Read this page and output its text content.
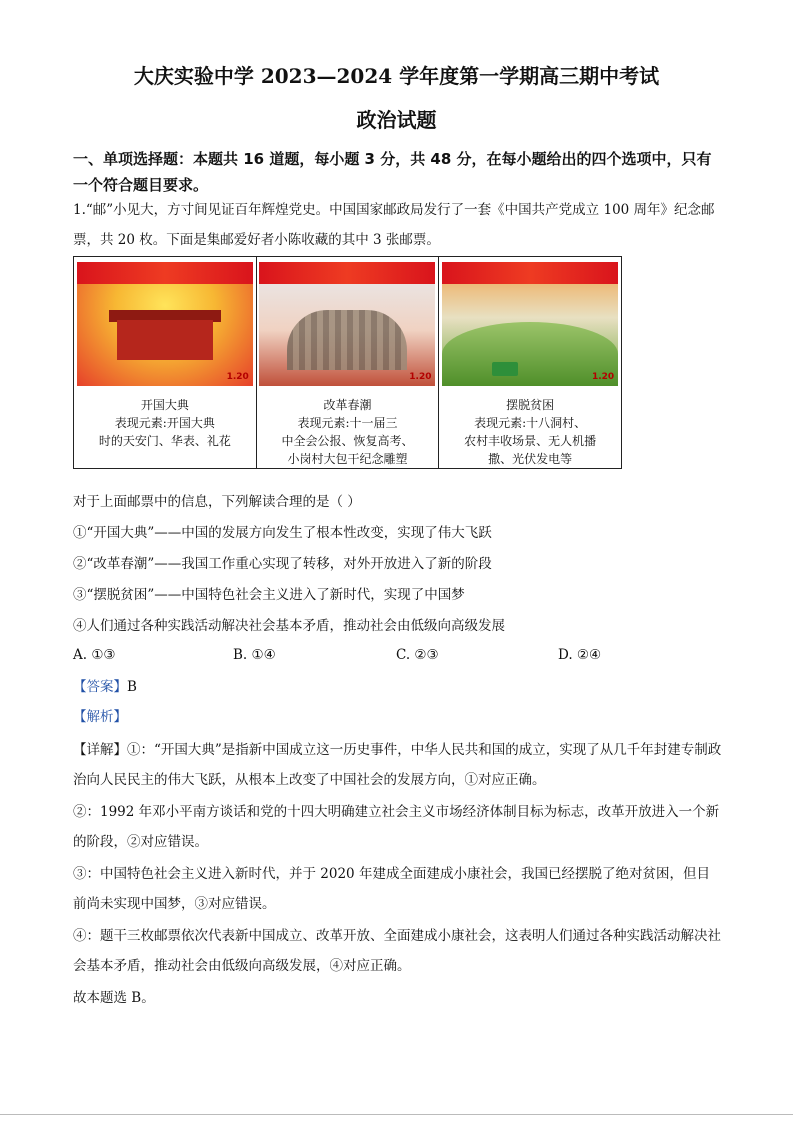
大庆实验中学 2023—2024 学年度第一学期高三期中考试
政治试题
一、单项选择题：本题共 16 道题，每小题 3 分，共 48 分，在每小题给出的四个选项中，只有一个符合题目要求。
1.“邮”小见大，方寸间见证百年辉煌党史。中国国家邮政局发行了一套《中国共产党成立 100 周年》纪念邮票，共 20 枚。下面是集邮爱好者小陈收藏的其中 3 张邮票。
1.20
开国大典
表现元素:开国大典
时的天安门、华表、礼花

1.20
改革春潮
表现元素:十一届三
中全会公报、恢复高考、
小岗村大包干纪念雕塑

1.20
摆脱贫困
表现元素:十八洞村、
农村丰收场景、无人机播
撒、光伏发电等
对于上面邮票中的信息，下列解读合理的是（ ）
①“开国大典”——中国的发展方向发生了根本性改变，实现了伟大飞跃
②“改革春潮”——我国工作重心实现了转移，对外开放进入了新的阶段
③“摆脱贫困”——中国特色社会主义进入了新时代，实现了中国梦
④人们通过各种实践活动解决社会基本矛盾，推动社会由低级向高级发展
A. ①③	B. ①④	C. ②③	D. ②④
【答案】B
【解析】
【详解】①：“开国大典”是指新中国成立这一历史事件，中华人民共和国的成立，实现了从几千年封建专制政治向人民民主的伟大飞跃，从根本上改变了中国社会的发展方向，①对应正确。
②：1992 年邓小平南方谈话和党的十四大明确建立社会主义市场经济体制目标为标志，改革开放进入一个新的阶段，②对应错误。
③：中国特色社会主义进入新时代，并于 2020 年建成全面建成小康社会，我国已经摆脱了绝对贫困，但目前尚未实现中国梦，③对应错误。
④：题干三枚邮票依次代表新中国成立、改革开放、全面建成小康社会，这表明人们通过各种实践活动解决社会基本矛盾，推动社会由低级向高级发展，④对应正确。
故本题选 B。
